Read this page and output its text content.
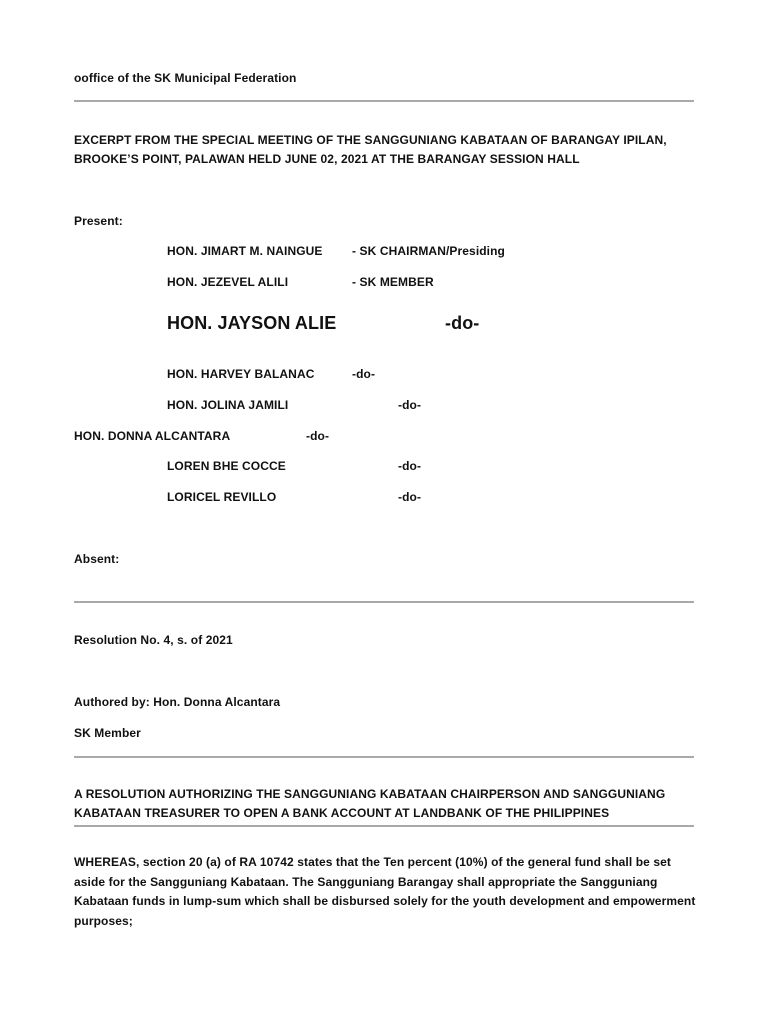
ooffice of the SK Municipal Federation
EXCERPT FROM THE SPECIAL MEETING OF THE SANGGUNIANG KABATAAN OF BARANGAY IPILAN,
BROOKE’S POINT, PALAWAN HELD JUNE 02, 2021 AT THE BARANGAY SESSION HALL
Present:
HON. JIMART M. NAINGUE - SK CHAIRMAN/Presiding
HON. JEZEVEL ALILI	- SK MEMBER
HON. JAYSON ALIE	-do-
HON. HARVEY BALANAC	-do-
HON. JOLINA JAMILI	-do-
HON. DONNA ALCANTARA	-do-
LOREN BHE COCCE	-do-
LORICEL REVILLO	-do-
Absent:
Resolution No. 4, s. of 2021
Authored by: Hon. Donna Alcantara
SK Member
A RESOLUTION AUTHORIZING THE SANGGUNIANG KABATAAN CHAIRPERSON AND SANGGUNIANG
KABATAAN TREASURER TO OPEN A BANK ACCOUNT AT LANDBANK OF THE PHILIPPINES
WHEREAS, section 20 (a) of RA 10742 states that the Ten percent (10%) of the general fund shall be set aside for the Sangguniang Kabataan. The Sangguniang Barangay shall appropriate the Sangguniang Kabataan funds in lump-sum which shall be disbursed solely for the youth development and empowerment purposes;
